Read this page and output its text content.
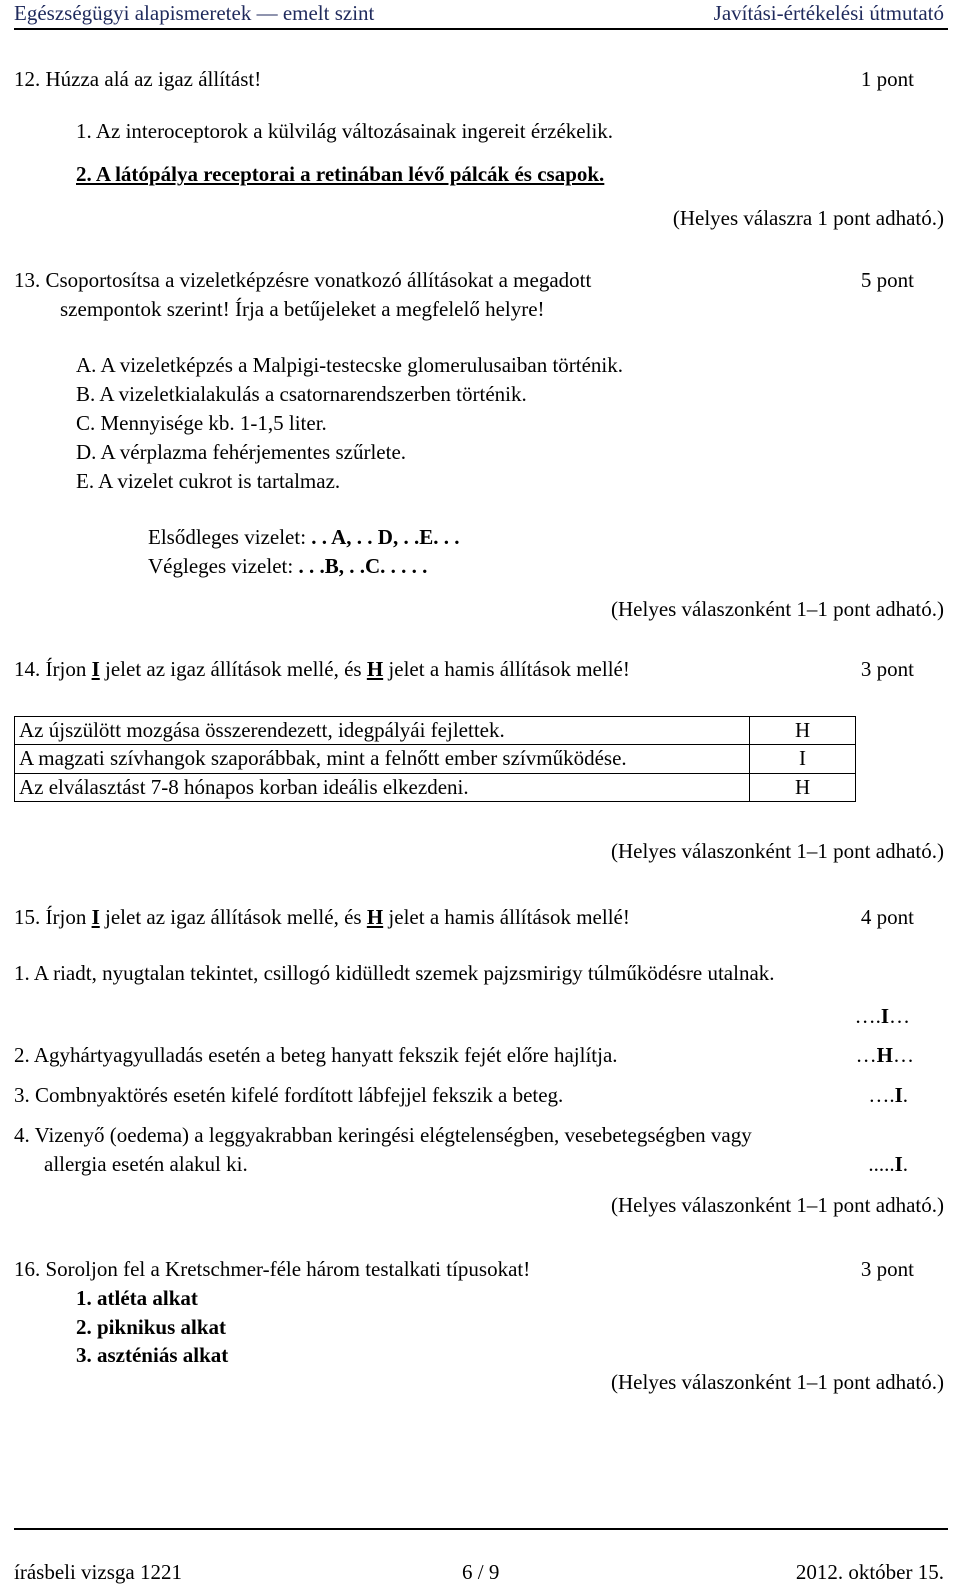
Egészségügyi alapismeretek — emelt szint	Javítási-értékelési útmutató
12. Húzza alá az igaz állítást!	1 pont
1. Az interoceptorok a külvilág változásainak ingereit érzékelik.
2. A látópálya receptorai a retinában lévő pálcák és csapok.
(Helyes válaszra 1 pont adható.)
13. Csoportosítsa a vizeletképzésre vonatkozó állításokat a megadott	5 pont
szempontok szerint! Írja a betűjeleket a megfelelő helyre!
A. A vizeletképzés a Malpigi-testecske glomerulusaiban történik.
B. A vizeletkialakulás a csatornarendszerben történik.
C. Mennyisége kb. 1-1,5 liter.
D. A vérplazma fehérjementes szűrlete.
E. A vizelet cukrot is tartalmaz.
Elsődleges vizelet: . . A, . . D, . .E. . .
Végleges vizelet: . . .B, . .C. . . . .
(Helyes válaszonként 1–1 pont adható.)
14. Írjon I jelet az igaz állítások mellé, és H jelet a hamis állítások mellé!	3 pont
Az újszülött mozgása összerendezett, idegpályái fejlettek.	H
A magzati szívhangok szaporábbak, mint a felnőtt ember szívműködése.	I
Az elválasztást 7-8 hónapos korban ideális elkezdeni.	H
(Helyes válaszonként 1–1 pont adható.)
15. Írjon I jelet az igaz állítások mellé, és H jelet a hamis állítások mellé!	4 pont
1. A riadt, nyugtalan tekintet, csillogó kidülledt szemek pajzsmirigy túlműködésre utalnak.
….I…
2. Agyhártyagyulladás esetén a beteg hanyatt fekszik fejét előre hajlítja.	…H…
3. Combnyaktörés esetén kifelé fordított lábfejjel fekszik a beteg.	….I.
4. Vizenyő (oedema) a leggyakrabban keringési elégtelenségben, vesebetegségben vagy
allergia esetén alakul ki.	.....I.
(Helyes válaszonként 1–1 pont adható.)
16. Soroljon fel a Kretschmer-féle három testalkati típusokat!	3 pont
1. atléta alkat
2. piknikus alkat
3. aszténiás alkat
(Helyes válaszonként 1–1 pont adható.)
írásbeli vizsga 1221	6 / 9	2012. október 15.
